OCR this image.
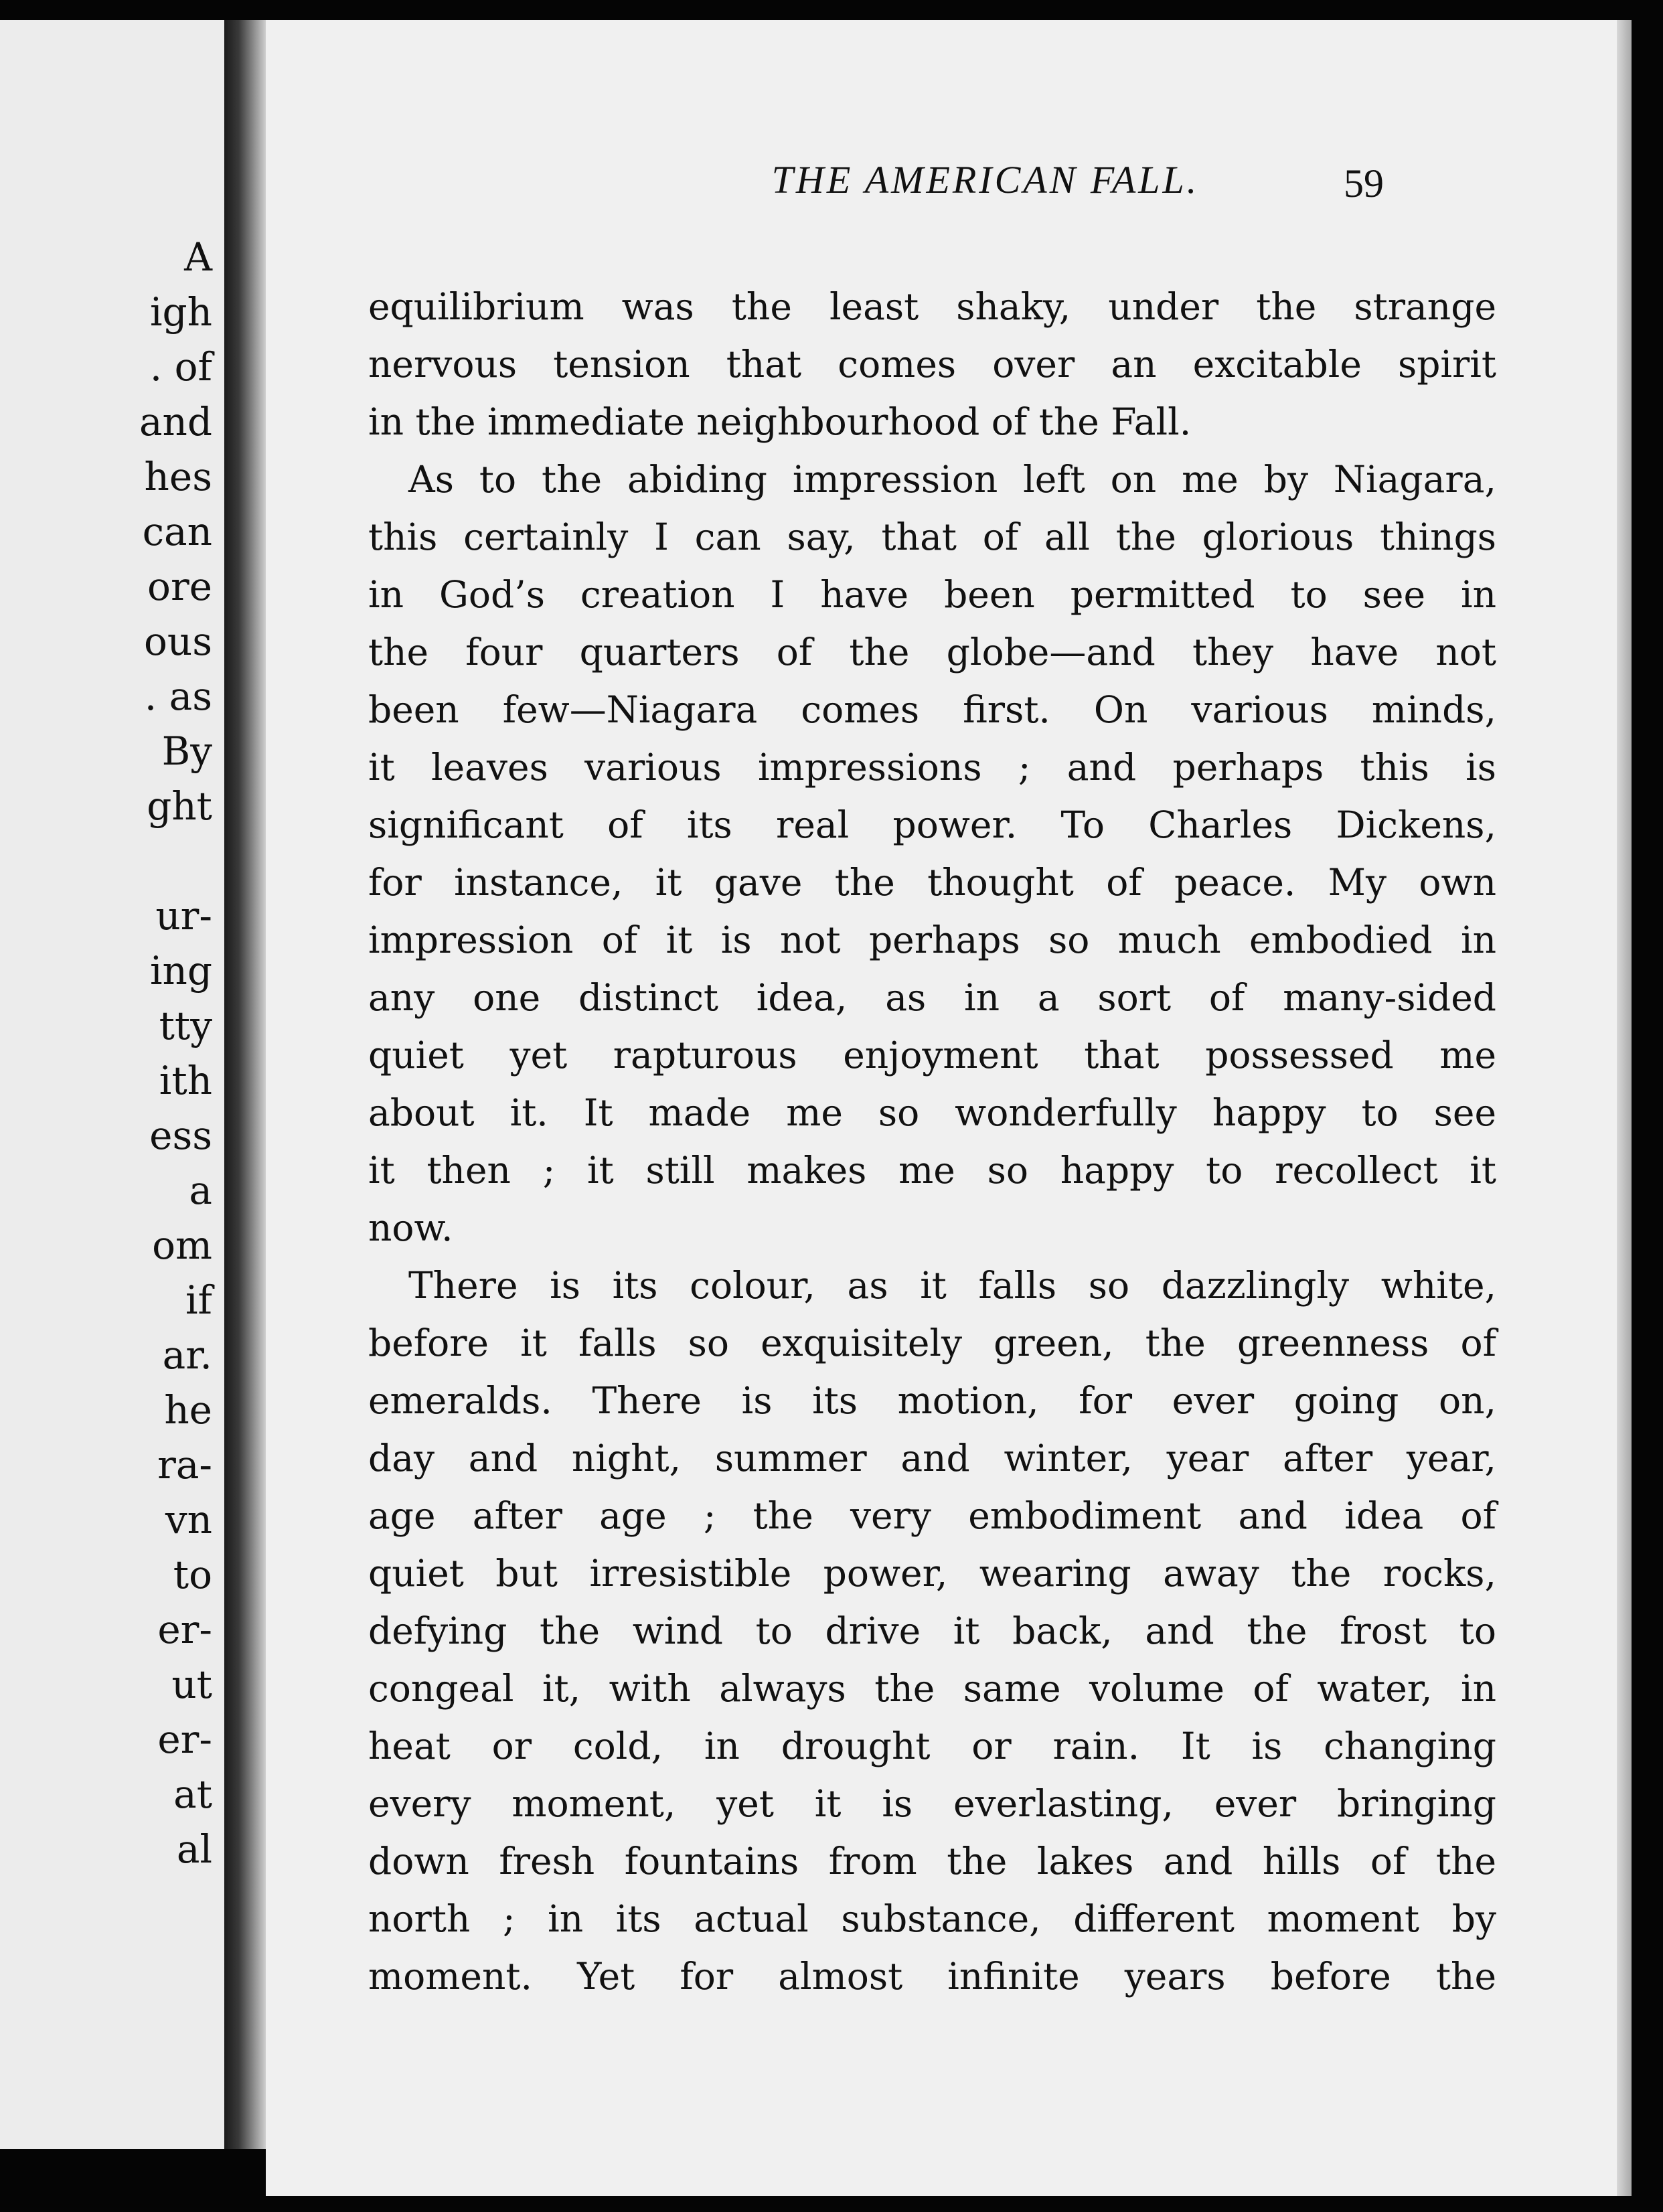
A
igh
. of
and
hes
can
ore
ous
. as
By
ght
ur-
ing
tty
ith
ess
a
om
if
ar.
he
ra-
vn
to
er-
ut
er-
at
al
THE AMERICAN FALL.	59
equilibrium was the least shaky, under the strange
nervous tension that comes over an excitable spirit
in the immediate neighbourhood of the Fall.
As to the abiding impression left on me by Niagara,
this certainly I can say, that of all the glorious things
in God’s creation I have been permitted to see in
the four quarters of the globe—and they have not
been few—Niagara comes first. On various minds,
it leaves various impressions ; and perhaps this is
significant of its real power. To Charles Dickens,
for instance, it gave the thought of peace. My own
impression of it is not perhaps so much embodied in
any one distinct idea, as in a sort of many-sided
quiet yet rapturous enjoyment that possessed me
about it. It made me so wonderfully happy to see
it then ; it still makes me so happy to recollect it
now.
There is its colour, as it falls so dazzlingly white,
before it falls so exquisitely green, the greenness of
emeralds. There is its motion, for ever going on,
day and night, summer and winter, year after year,
age after age ; the very embodiment and idea of
quiet but irresistible power, wearing away the rocks,
defying the wind to drive it back, and the frost to
congeal it, with always the same volume of water, in
heat or cold, in drought or rain. It is changing
every moment, yet it is everlasting, ever bringing
down fresh fountains from the lakes and hills of the
north ; in its actual substance, different moment by
moment. Yet for almost infinite years before the
